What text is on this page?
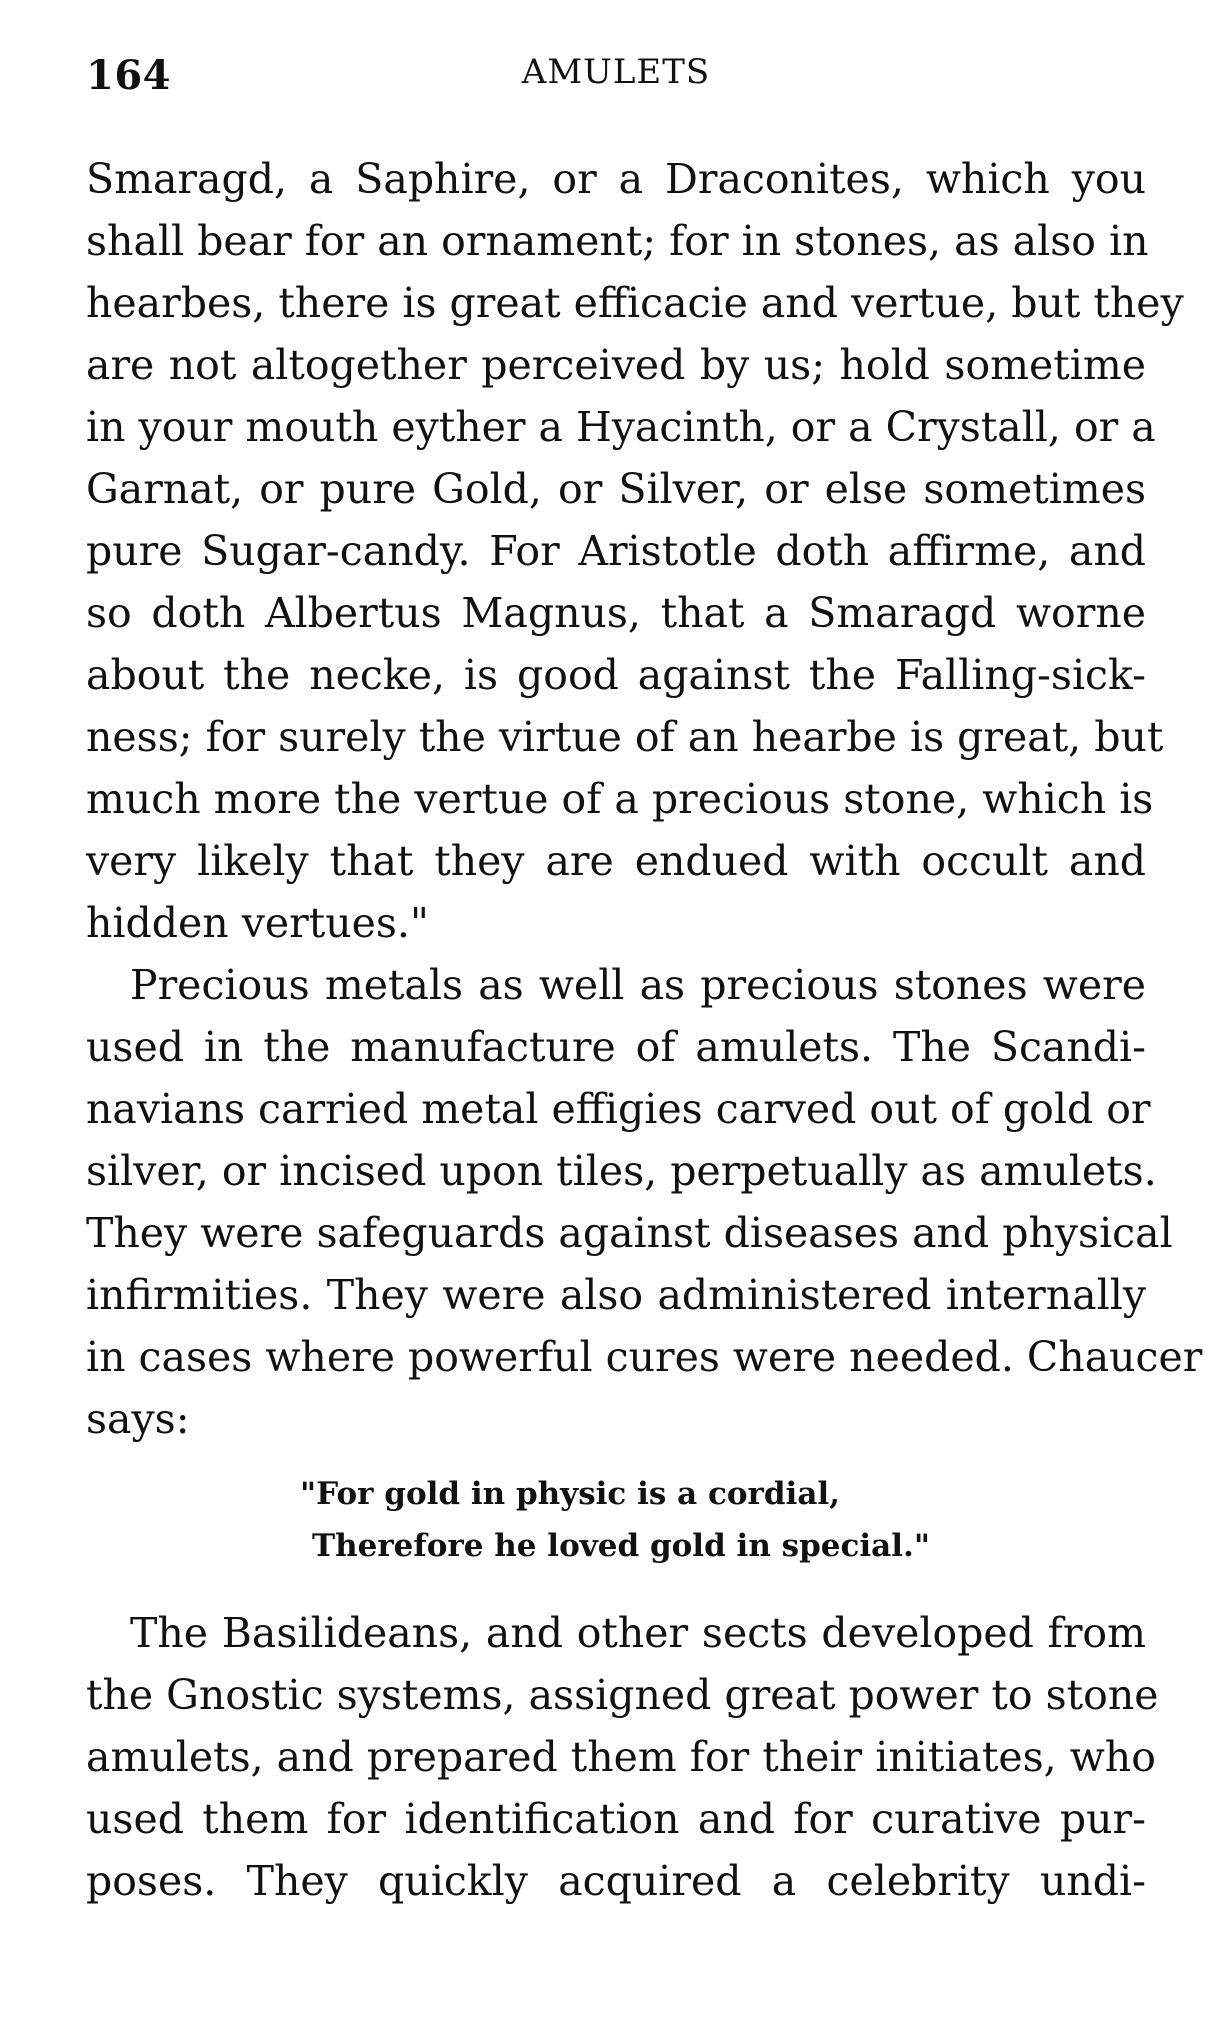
164	AMULETS

Smaragd, a Saphire, or a Draconites, which you
shall bear for an ornament; for in stones, as also in
hearbes, there is great efficacie and vertue, but they
are not altogether perceived by us; hold sometime
in your mouth eyther a Hyacinth, or a Crystall, or a
Garnat, or pure Gold, or Silver, or else sometimes
pure Sugar-candy. For Aristotle doth affirme, and
so doth Albertus Magnus, that a Smaragd worne
about the necke, is good against the Falling-sick-
ness; for surely the virtue of an hearbe is great, but
much more the vertue of a precious stone, which is
very likely that they are endued with occult and
hidden vertues."

Precious metals as well as precious stones were
used in the manufacture of amulets. The Scandi-
navians carried metal effigies carved out of gold or
silver, or incised upon tiles, perpetually as amulets.
They were safeguards against diseases and physical
infirmities. They were also administered internally
in cases where powerful cures were needed. Chaucer
says:

"For gold in physic is a cordial,
Therefore he loved gold in special."

The Basilideans, and other sects developed from
the Gnostic systems, assigned great power to stone
amulets, and prepared them for their initiates, who
used them for identification and for curative pur-
poses. They quickly acquired a celebrity undi-
